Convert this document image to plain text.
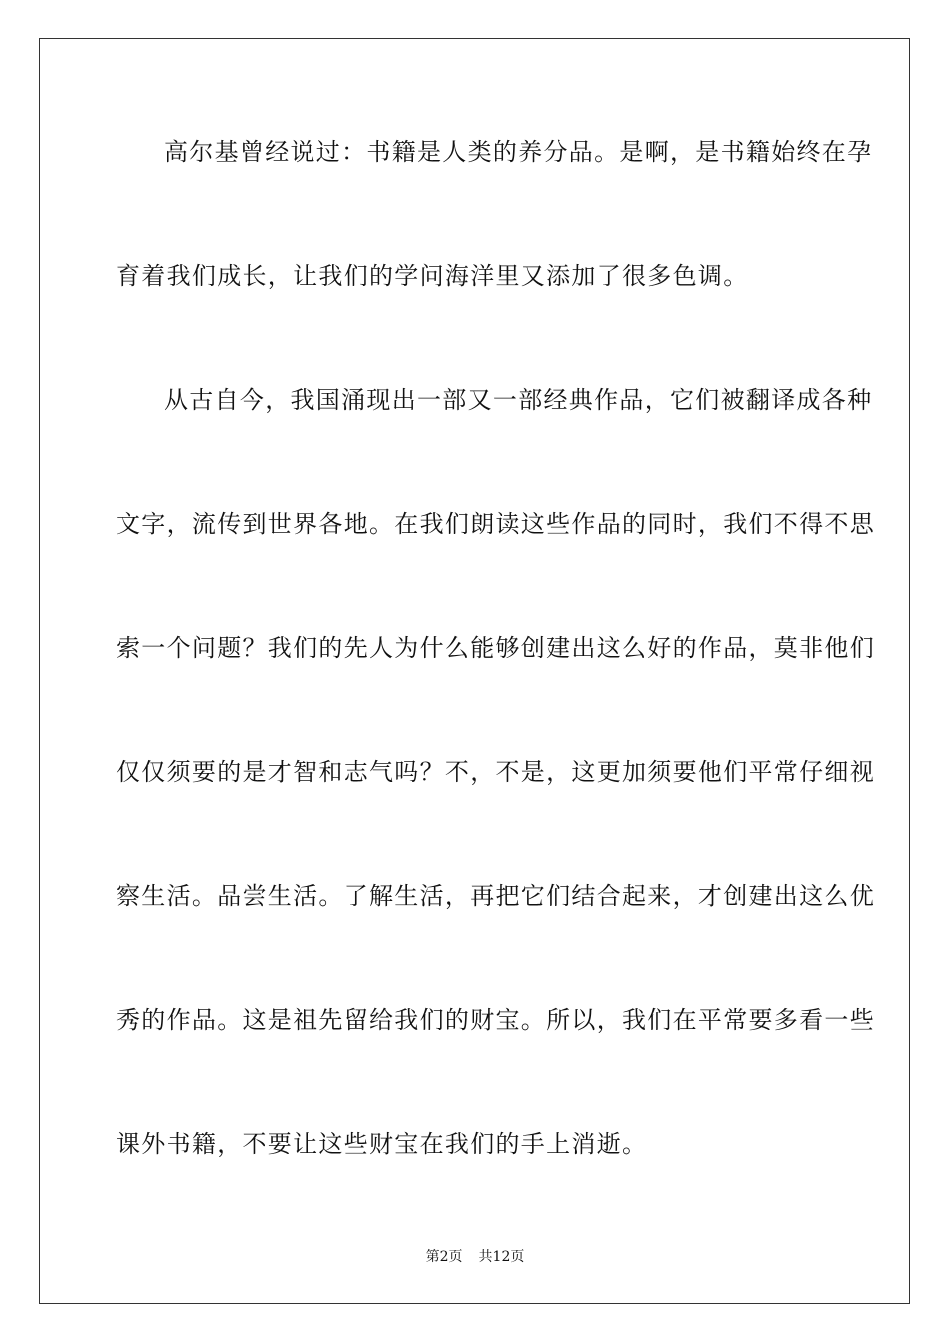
高尔基曾经说过：书籍是人类的养分品。是啊，是书籍始终在孕
育着我们成长，让我们的学问海洋里又添加了很多色调。
从古自今，我国涌现出一部又一部经典作品，它们被翻译成各种
文字，流传到世界各地。在我们朗读这些作品的同时，我们不得不思
索一个问题？我们的先人为什么能够创建出这么好的作品，莫非他们
仅仅须要的是才智和志气吗？不，不是，这更加须要他们平常仔细视
察生活。品尝生活。了解生活，再把它们结合起来，才创建出这么优
秀的作品。这是祖先留给我们的财宝。所以，我们在平常要多看一些
课外书籍，不要让这些财宝在我们的手上消逝。
第2页 共12页
